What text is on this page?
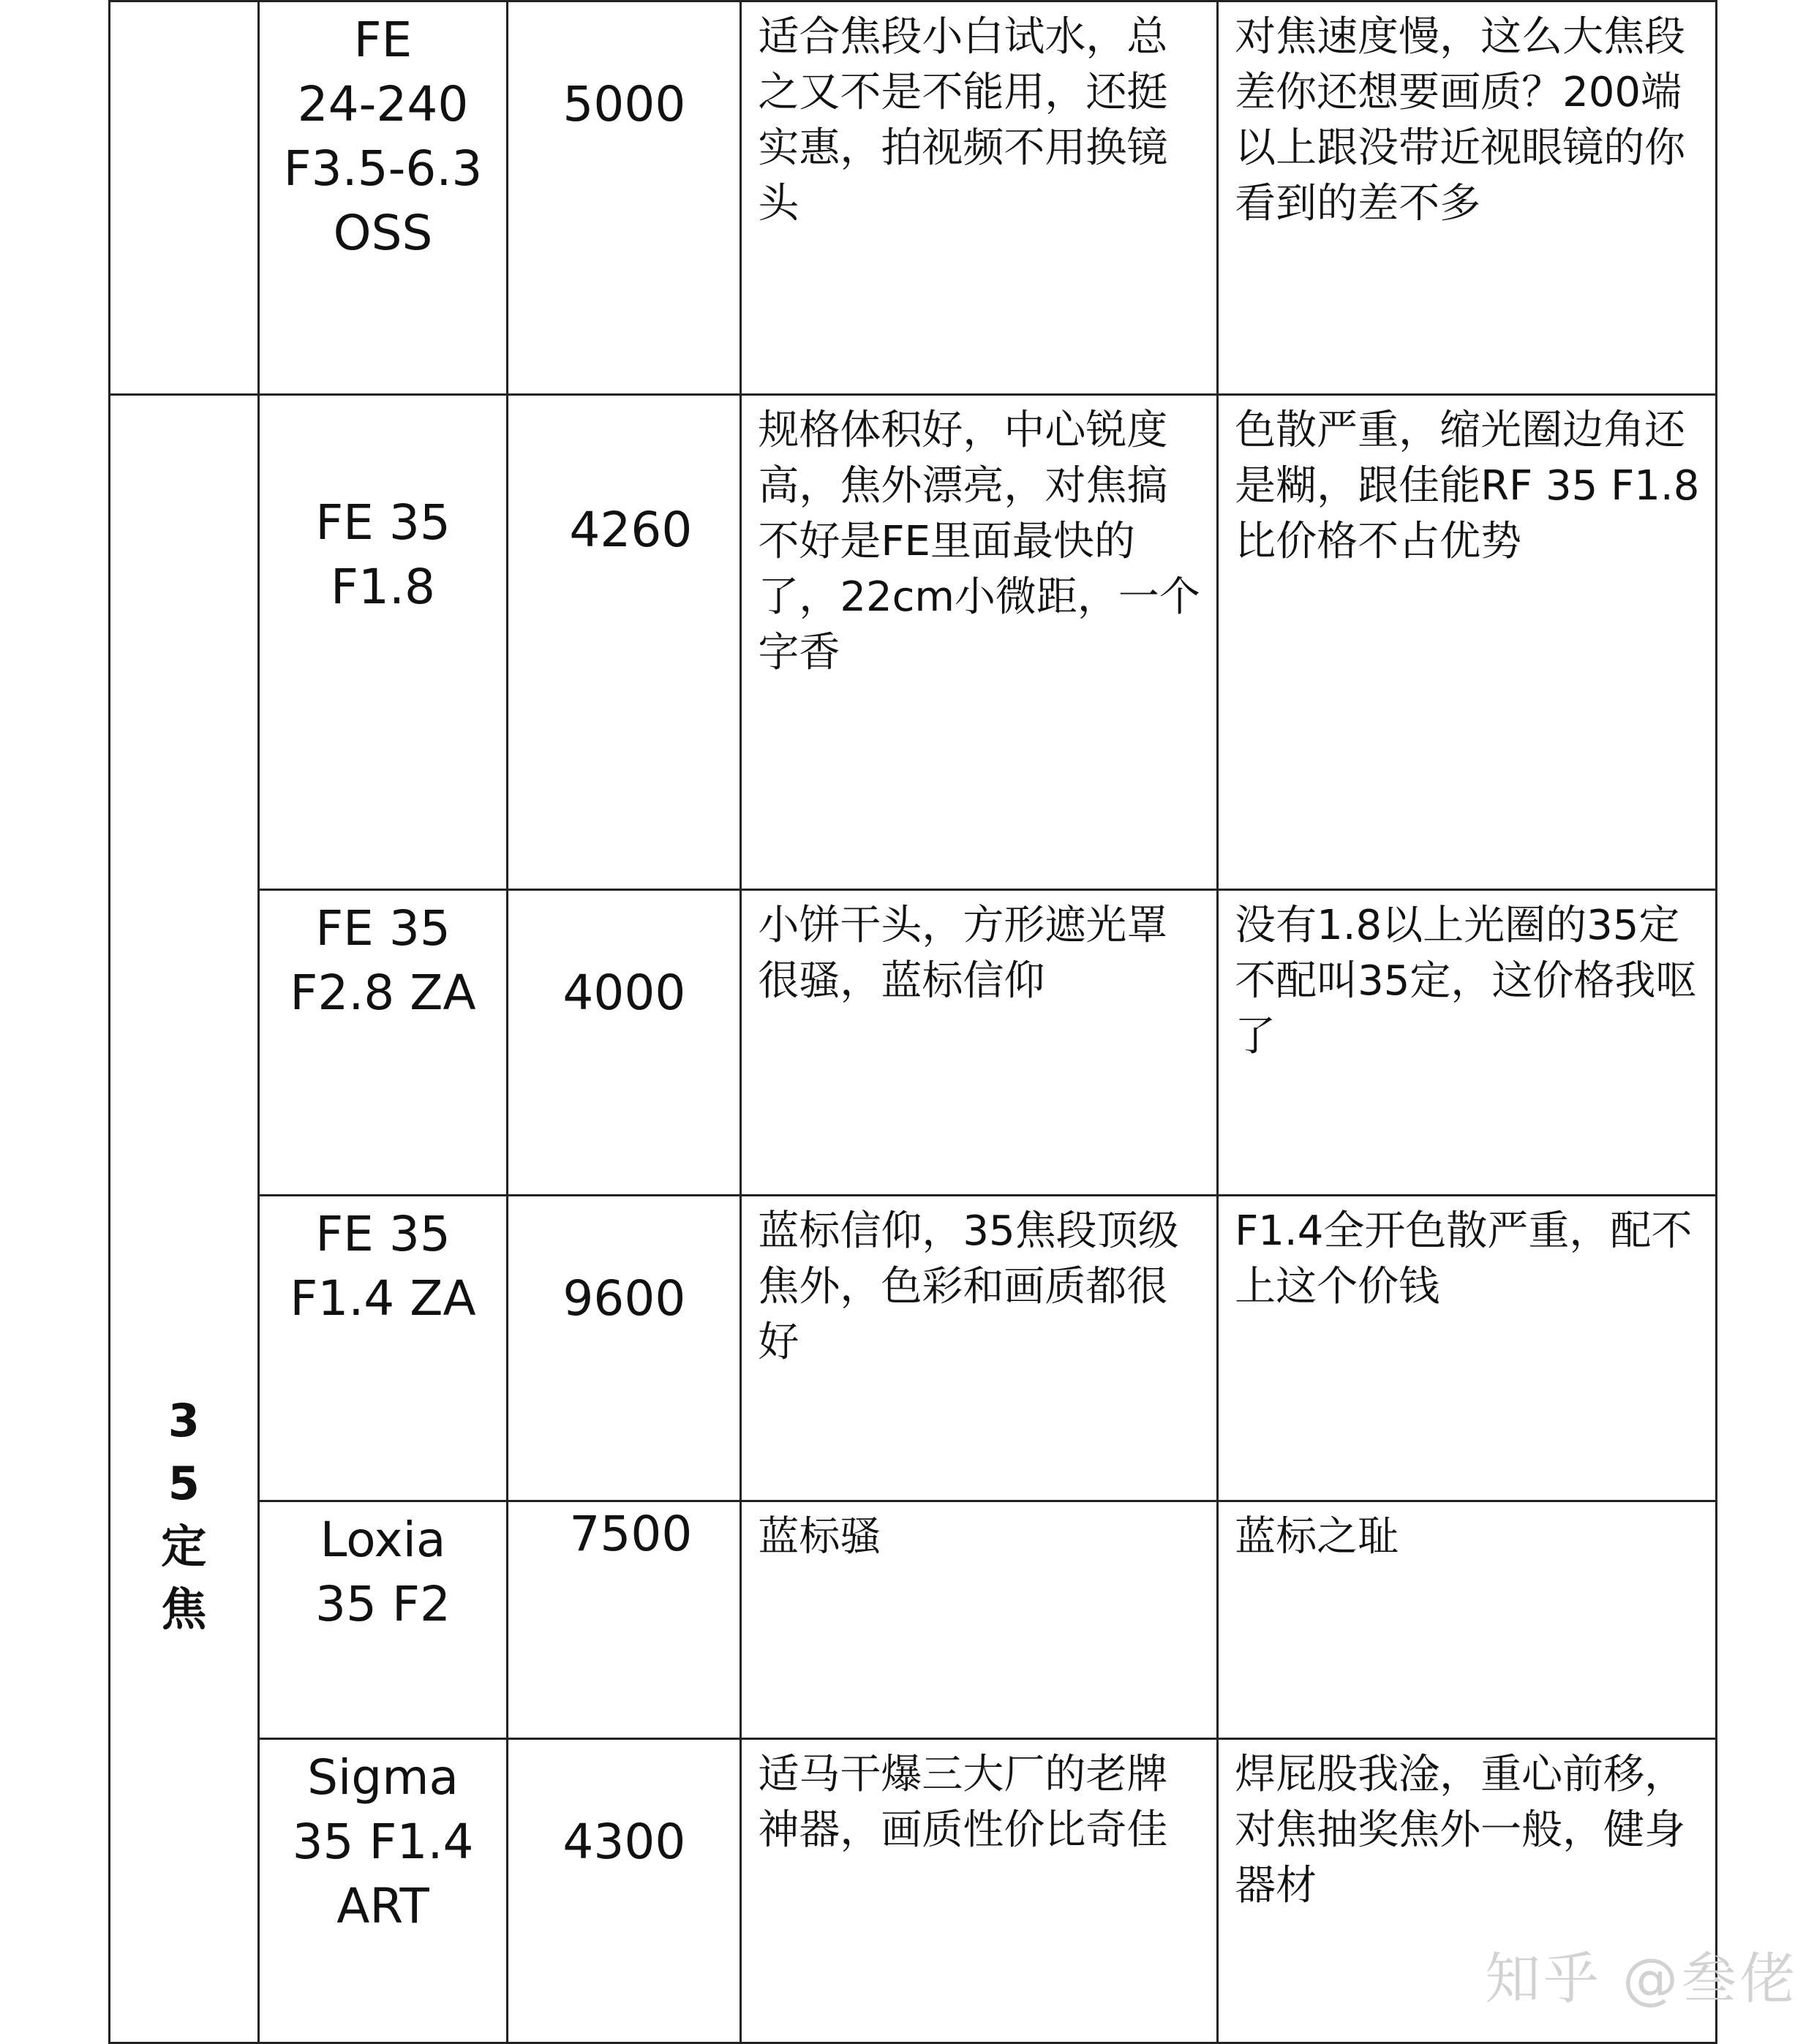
	FE
24-240
F3.5-6.3
OSS	5000	适合焦段小白试水，总之又不是不能用，还挺实惠，拍视频不用换镜头	对焦速度慢，这么大焦段差你还想要画质？200端以上跟没带近视眼镜的你看到的差不多

35定焦	FE 35
F1.8	4260	规格体积好，中心锐度高，焦外漂亮，对焦搞不好是FE里面最快的了，22cm小微距，一个字香	色散严重，缩光圈边角还是糊，跟佳能RF 35 F1.8比价格不占优势

	FE 35
F2.8 ZA	4000	小饼干头，方形遮光罩很骚，蓝标信仰	没有1.8以上光圈的35定不配叫35定，这价格我呕了

	FE 35
F1.4 ZA	9600	蓝标信仰，35焦段顶级焦外，色彩和画质都很好	F1.4全开色散严重，配不上这个价钱

	Loxia
35 F2	7500	蓝标骚	蓝标之耻

	Sigma
35 F1.4
ART	4300	适马干爆三大厂的老牌神器，画质性价比奇佳	焊屁股我淦，重心前移，对焦抽奖焦外一般，健身器材
知乎 @叁佬
